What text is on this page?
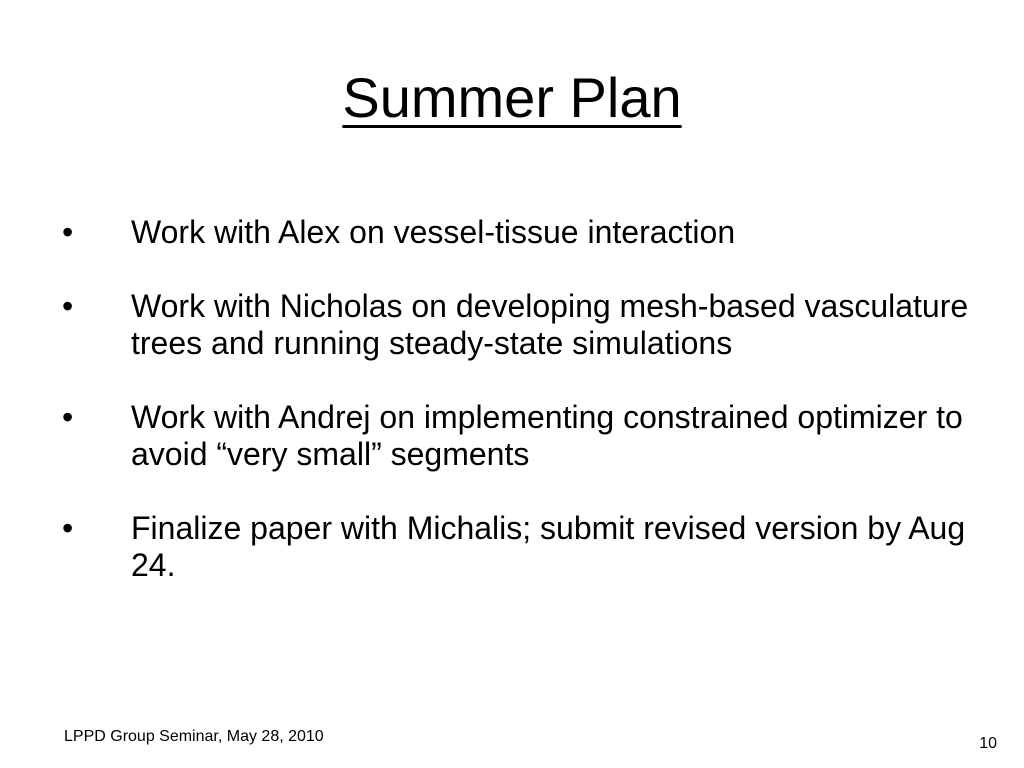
Summer Plan
• Work with Alex on vessel-tissue interaction
• Work with Nicholas on developing mesh-based vasculature trees and running steady-state simulations
• Work with Andrej on implementing constrained optimizer to avoid “very small” segments
• Finalize paper with Michalis; submit revised version by Aug 24.
LPPD Group Seminar, May 28, 2010	10
